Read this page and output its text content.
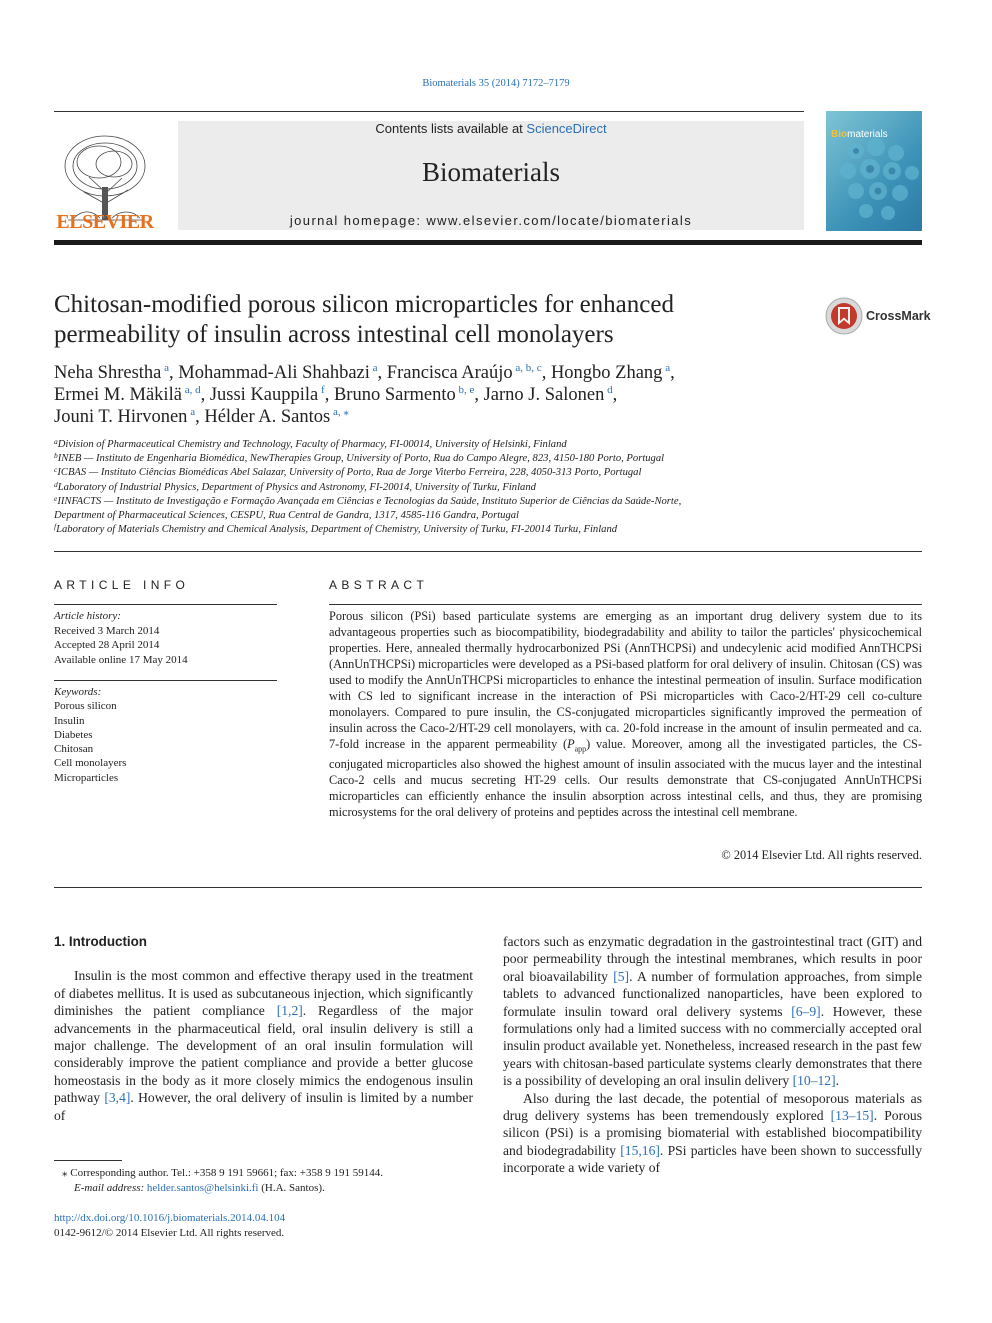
Biomaterials 35 (2014) 7172–7179
ELSEVIER
Contents lists available at ScienceDirect
Biomaterials
journal homepage: www.elsevier.com/locate/biomaterials
Biomaterials
Chitosan-modified porous silicon microparticles for enhanced permeability of insulin across intestinal cell monolayers
CrossMark
Neha Shrestha $^a$, Mohammad-Ali Shahbazi $^a$, Francisca Araújo $^{a, b, c}$, Hongbo Zhang $^a$,
Ermei M. Mäkilä $^{a, d}$, Jussi Kauppila $^f$, Bruno Sarmento $^{b, e}$, Jarno J. Salonen $^d$,
Jouni T. Hirvonen $^a$, Hélder A. Santos $^{a, ⁎}$
$^a$Division of Pharmaceutical Chemistry and Technology, Faculty of Pharmacy, FI-00014, University of Helsinki, Finland
$^b$INEB — Instituto de Engenharia Biomédica, NewTherapies Group, University of Porto, Rua do Campo Alegre, 823, 4150-180 Porto, Portugal
$^c$ICBAS — Instituto Ciências Biomédicas Abel Salazar, University of Porto, Rua de Jorge Viterbo Ferreira, 228, 4050-313 Porto, Portugal
$^d$Laboratory of Industrial Physics, Department of Physics and Astronomy, FI-20014, University of Turku, Finland
$^e$IINFACTS — Instituto de Investigação e Formação Avançada em Ciências e Tecnologias da Saúde, Instituto Superior de Ciências da Saúde-Norte,
Department of Pharmaceutical Sciences, CESPU, Rua Central de Gandra, 1317, 4585-116 Gandra, Portugal
$^f$Laboratory of Materials Chemistry and Chemical Analysis, Department of Chemistry, University of Turku, FI-20014 Turku, Finland
ARTICLE INFO	ABSTRACT
Article history:
Received 3 March 2014
Accepted 28 April 2014
Available online 17 May 2014
Keywords:
Porous silicon
Insulin
Diabetes
Chitosan
Cell monolayers
Microparticles
Porous silicon (PSi) based particulate systems are emerging as an important drug delivery system due to its advantageous properties such as biocompatibility, biodegradability and ability to tailor the particles' physicochemical properties. Here, annealed thermally hydrocarbonized PSi (AnnTHCPSi) and undecylenic acid modified AnnTHCPSi (AnnUnTHCPSi) microparticles were developed as a PSi-based platform for oral delivery of insulin. Chitosan (CS) was used to modify the AnnUnTHCPSi microparticles to enhance the intestinal permeation of insulin. Surface modification with CS led to significant increase in the interaction of PSi microparticles with Caco-2/HT-29 cell co-culture monolayers. Compared to pure insulin, the CS-conjugated microparticles significantly improved the permeation of insulin across the Caco-2/HT-29 cell monolayers, with ca. 20-fold increase in the amount of insulin permeated and ca. 7-fold increase in the apparent permeability $(P_{app})$ value. Moreover, among all the investigated particles, the CS-conjugated microparticles also showed the highest amount of insulin associated with the mucus layer and the intestinal Caco-2 cells and mucus secreting HT-29 cells. Our results demonstrate that CS-conjugated AnnUnTHCPSi microparticles can efficiently enhance the insulin absorption across intestinal cells, and thus, they are promising microsystems for the oral delivery of proteins and peptides across the intestinal cell membrane.
© 2014 Elsevier Ltd. All rights reserved.
1. Introduction

Insulin is the most common and effective therapy used in the treatment of diabetes mellitus. It is used as subcutaneous injection, which significantly diminishes the patient compliance [1,2]. Regardless of the major advancements in the pharmaceutical field, oral insulin delivery is still a major challenge. The development of an oral insulin formulation will considerably improve the patient compliance and provide a better glucose homeostasis in the body as it more closely mimics the endogenous insulin pathway [3,4]. However, the oral delivery of insulin is limited by a number of

factors such as enzymatic degradation in the gastrointestinal tract (GIT) and poor permeability through the intestinal membranes, which results in poor oral bioavailability [5]. A number of formulation approaches, from simple tablets to advanced functionalized nanoparticles, have been explored to formulate insulin toward oral delivery systems [6–9]. However, these formulations only had a limited success with no commercially accepted oral insulin product available yet. Nonetheless, increased research in the past few years with chitosan-based particulate systems clearly demonstrates that there is a possibility of developing an oral insulin delivery [10–12].

Also during the last decade, the potential of mesoporous materials as drug delivery systems has been tremendously explored [13–15]. Porous silicon (PSi) is a promising biomaterial with established biocompatibility and biodegradability [15,16]. PSi particles have been shown to successfully incorporate a wide variety of

⁎ Corresponding author. Tel.: +358 9 191 59661; fax: +358 9 191 59144.
E-mail address: helder.santos@helsinki.fi (H.A. Santos).
http://dx.doi.org/10.1016/j.biomaterials.2014.04.104
0142-9612/© 2014 Elsevier Ltd. All rights reserved.
